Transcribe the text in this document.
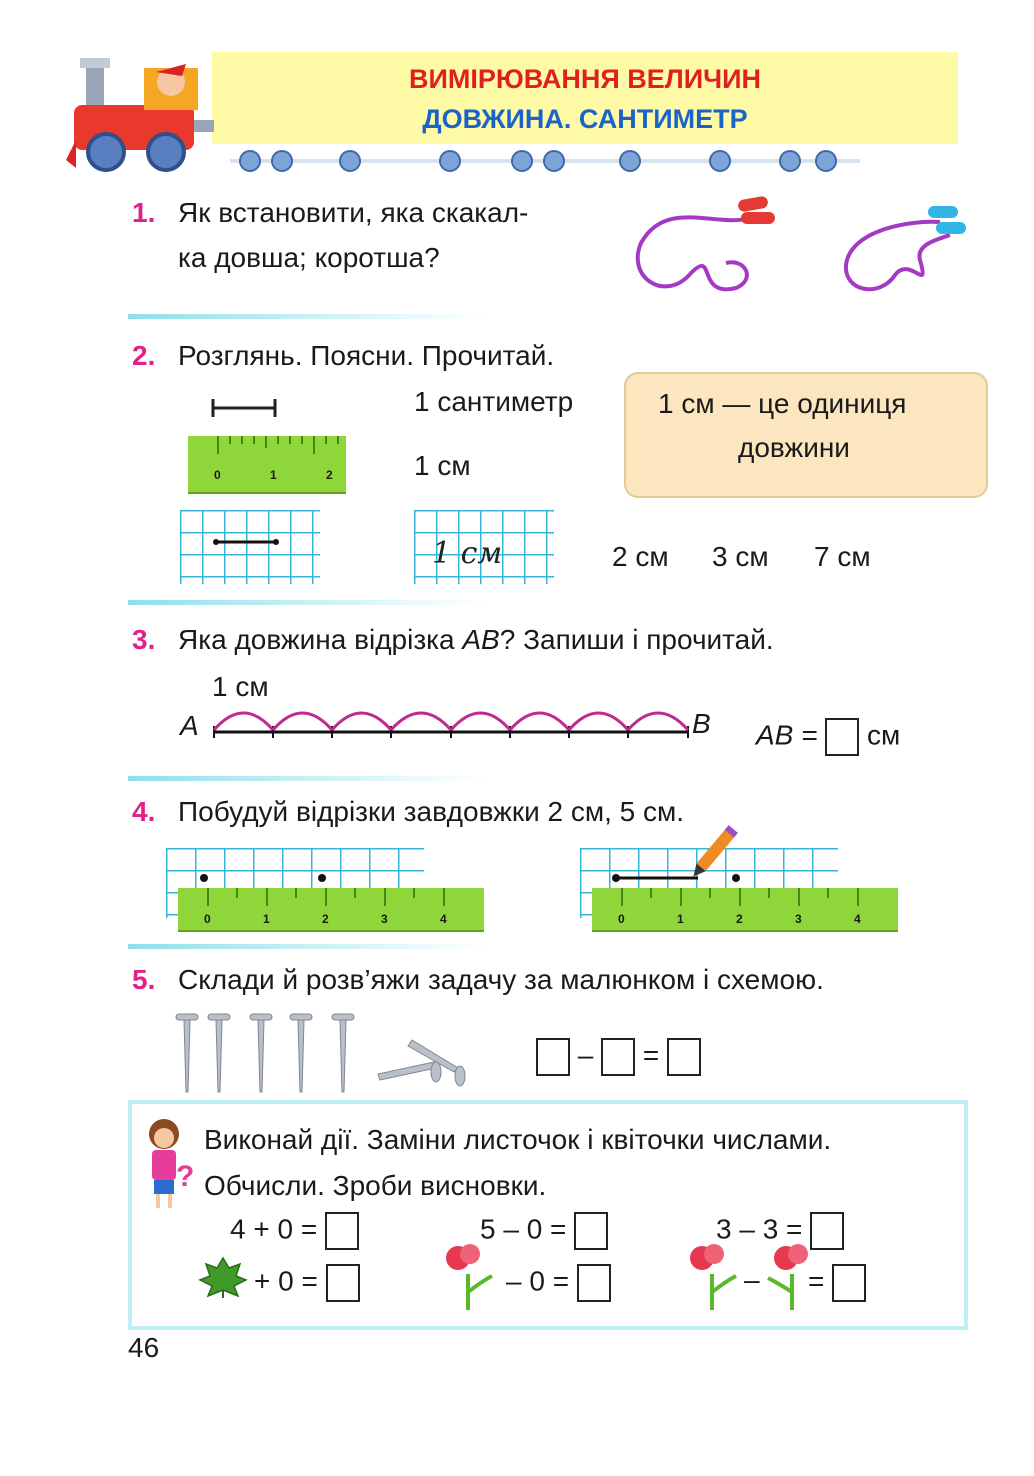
ВИМІРЮВАННЯ ВЕЛИЧИН
ДОВЖИНА. САНТИМЕТР
1. Як встановити, яка скакал-
ка довша; коротша?
2. Розглянь. Поясни. Прочитай.
1 сантиметр
1 см
0	1	2
1 см — це одиниця
довжини
1 см	2 см 3 см 7 см
3. Яка довжина відрізка AB? Запиши і прочитай.
1 см
A	B AB = см
4. Побудуй відрізки завдовжки 2 см, 5 см.
0	1	2	3	4	0	1	2	3	4
5. Склади й розв’яжи задачу за малюнком і схемою.
– =
?
Виконай дії. Заміни листочок і квіточки числами.
Обчисли. Зроби висновки.
4 + 0 =	5 – 0 =	3 – 3 =
+ 0 =	– 0 =	– =
46
